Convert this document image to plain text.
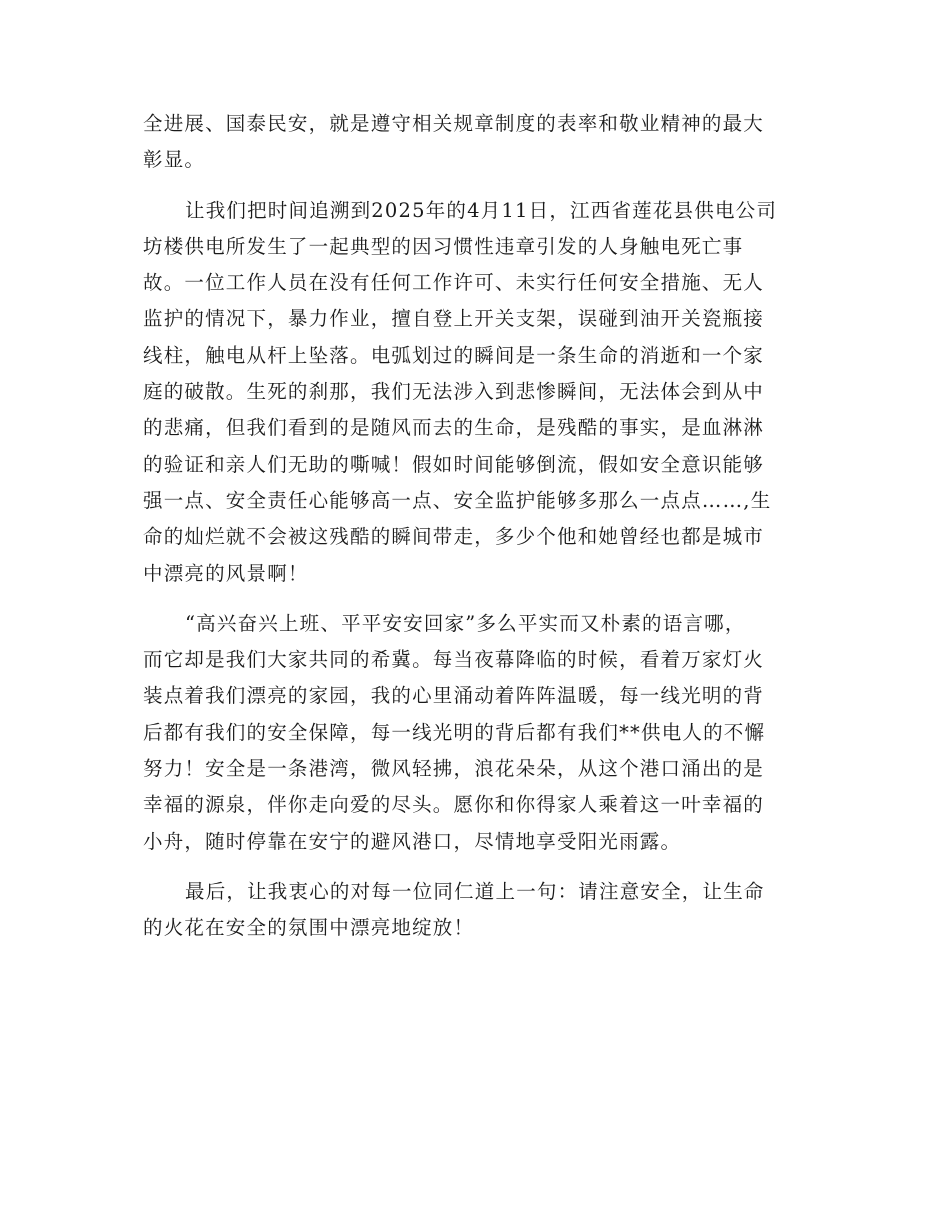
全进展、国泰民安，就是遵守相关规章制度的表率和敬业精神的最大
彰显。
让我们把时间追溯到2025年的4月11日，江西省莲花县供电公司
坊楼供电所发生了一起典型的因习惯性违章引发的人身触电死亡事
故。一位工作人员在没有任何工作许可、未实行任何安全措施、无人
监护的情况下，暴力作业，擅自登上开关支架，误碰到油开关瓷瓶接
线柱，触电从杆上坠落。电弧划过的瞬间是一条生命的消逝和一个家
庭的破散。生死的刹那，我们无法涉入到悲惨瞬间，无法体会到从中
的悲痛，但我们看到的是随风而去的生命，是残酷的事实，是血淋淋
的验证和亲人们无助的嘶喊！假如时间能够倒流，假如安全意识能够
强一点、安全责任心能够高一点、安全监护能够多那么一点点……,生
命的灿烂就不会被这残酷的瞬间带走，多少个他和她曾经也都是城市
中漂亮的风景啊！
“高兴奋兴上班、平平安安回家”多么平实而又朴素的语言哪，
而它却是我们大家共同的希冀。每当夜幕降临的时候，看着万家灯火
装点着我们漂亮的家园，我的心里涌动着阵阵温暖，每一线光明的背
后都有我们的安全保障，每一线光明的背后都有我们**供电人的不懈
努力！安全是一条港湾，微风轻拂，浪花朵朵，从这个港口涌出的是
幸福的源泉，伴你走向爱的尽头。愿你和你得家人乘着这一叶幸福的
小舟，随时停靠在安宁的避风港口，尽情地享受阳光雨露。
最后，让我衷心的对每一位同仁道上一句：请注意安全，让生命
的火花在安全的氛围中漂亮地绽放！
